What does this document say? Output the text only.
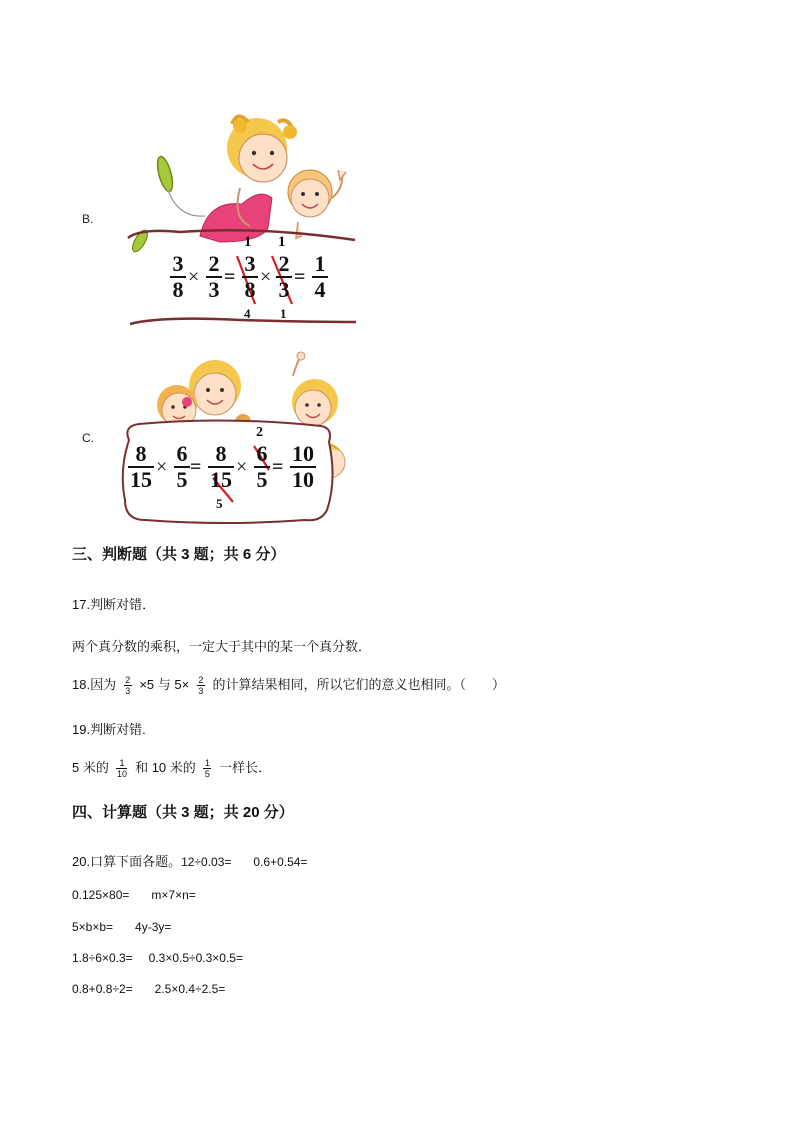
B.
3
8 ×
2
3 =
3
8
1
4
×
2
3
1
1
=
1
4
C.
8
15 ×
6
5 =
8
15
5
×
6
5
2
=
10
10
三、判断题（共 3 题；共 6 分）
17.判断对错．
两个真分数的乘积，一定大于其中的某一个真分数．
18.因为 $\frac{2}{3} \times 5$ 与 $5\times \frac{2}{3}$ 的计算结果相同，所以它们的意义也相同。（　　）
19.判断对错.
5 米的 $\frac{1}{10}$ 和 10 米的 $\frac{1}{5}$ 一样长．
四、计算题（共 3 题；共 20 分）
20.口算下面各题。12÷0.03= 0.6+0.54=
0.125×80= m×7×n=
5×b×b= 4y-3y=
1.8÷6×0.3= 0.3×0.5÷0.3×0.5=
0.8+0.8÷2= 2.5×0.4÷2.5=
